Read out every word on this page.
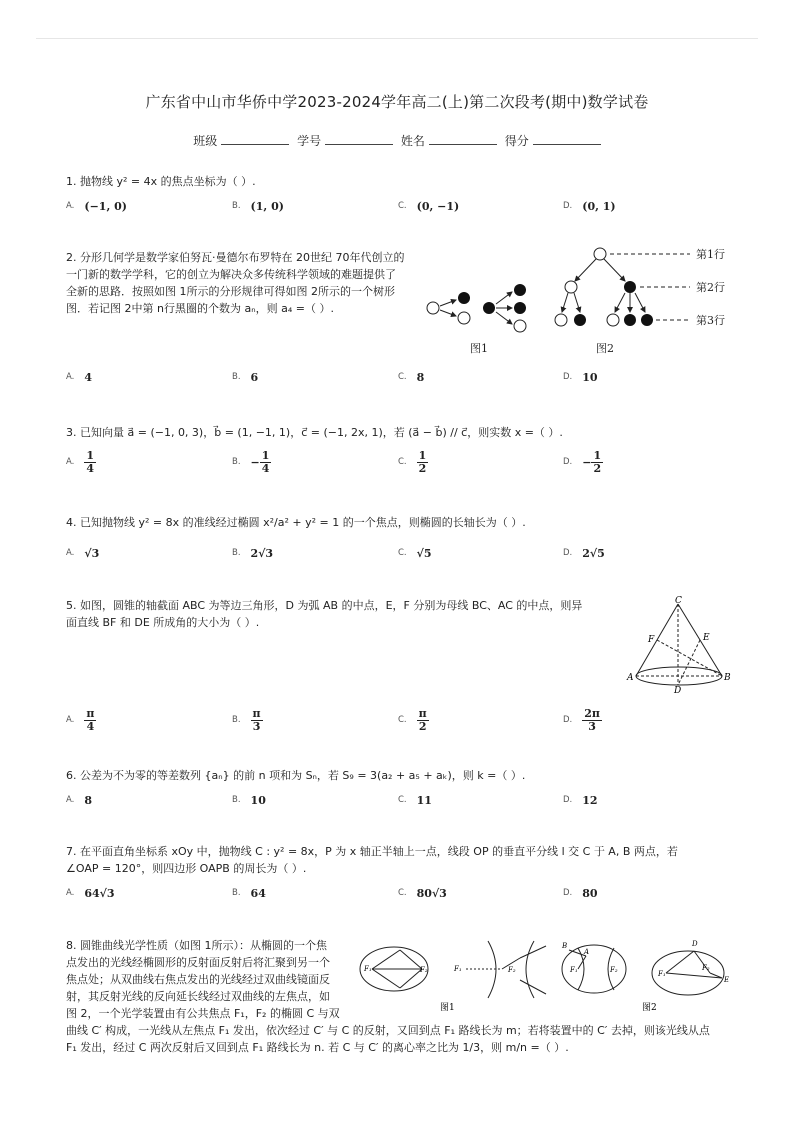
广东省中山市华侨中学2023-2024学年高二(上)第二次段考(期中)数学试卷
班级	学号	姓名	得分
1. 抛物线 y² = 4x 的焦点坐标为（ ）.
A. (−1, 0)	B. (1, 0)	C. (0, −1)	D. (0, 1)
2. 分形几何学是数学家伯努瓦·曼德尔布罗特在 20世纪 70年代创立的
一门新的数学学科，它的创立为解决众多传统科学领域的难题提供了
全新的思路．按照如图 1所示的分形规律可得如图 2所示的一个树形
图．若记图 2中第 n行黑圈的个数为 aₙ，则 a₄ =（ ）.
图1
第1行
第2行
第3行
图2
A. 4	B. 6	C. 8	D. 10
3. 已知向量 a⃗ = (−1, 0, 3)，b⃗ = (1, −1, 1)，c⃗ = (−1, 2x, 1)，若 (a⃗ − b⃗) // c⃗，则实数 x =（ ）.
A. $\frac{1}{4}$	B. − $\frac{1}{4}$	C. $\frac{1}{2}$	D. − $\frac{1}{2}$
4. 已知抛物线 y² = 8x 的准线经过椭圆 x²/a² + y² = 1 的一个焦点，则椭圆的长轴长为（ ）.
A. √3	B. 2√3	C. √5	D. 2√5
5. 如图，圆锥的轴截面 ABC 为等边三角形，D 为弧 AB 的中点，E，F 分别为母线 BC、AC 的中点，则异
面直线 BF 和 DE 所成角的大小为（ ）.
C
F	E
A	B
D
A. $\frac{\pi}{4}$	B. $\frac{\pi}{3}$	C. $\frac{\pi}{2}$	D. $\frac{2\pi}{3}$
6. 公差为不为零的等差数列 {aₙ} 的前 n 项和为 Sₙ，若 S₉ = 3(a₂ + a₅ + aₖ)，则 k =（ ）.
A. 8	B. 10	C. 11	D. 12
7. 在平面直角坐标系 xOy 中，抛物线 C : y² = 8x，P 为 x 轴正半轴上一点，线段 OP 的垂直平分线 l 交 C 于 A, B 两点，若
∠OAP = 120°，则四边形 OAPB 的周长为（ ）.
A. 64√3	B. 64	C. 80√3	D. 80
8. 圆锥曲线光学性质（如图 1所示）：从椭圆的一个焦
点发出的光线经椭圆形的反射面反射后将汇聚到另一个
焦点处；从双曲线右焦点发出的光线经过双曲线镜面反
射，其反射光线的反向延长线经过双曲线的左焦点，如
图 2，一个光学装置由有公共焦点 F₁，F₂ 的椭圆 C 与双
曲线 C′ 构成，一光线从左焦点 F₁ 发出，依次经过 C′ 与 C 的反射，又回到点 F₁ 路线长为 m；若将装置中的 C′ 去掉，则该光线从点
F₁ 发出，经过 C 两次反射后又回到点 F₁ 路线长为 n. 若 C 与 C′ 的离心率之比为 1/3，则 m/n =（ ）.
F₁	F₂	F₁	F₂
B
A
F₁	F₂
D
F₁
F₂
E
图1	图2
